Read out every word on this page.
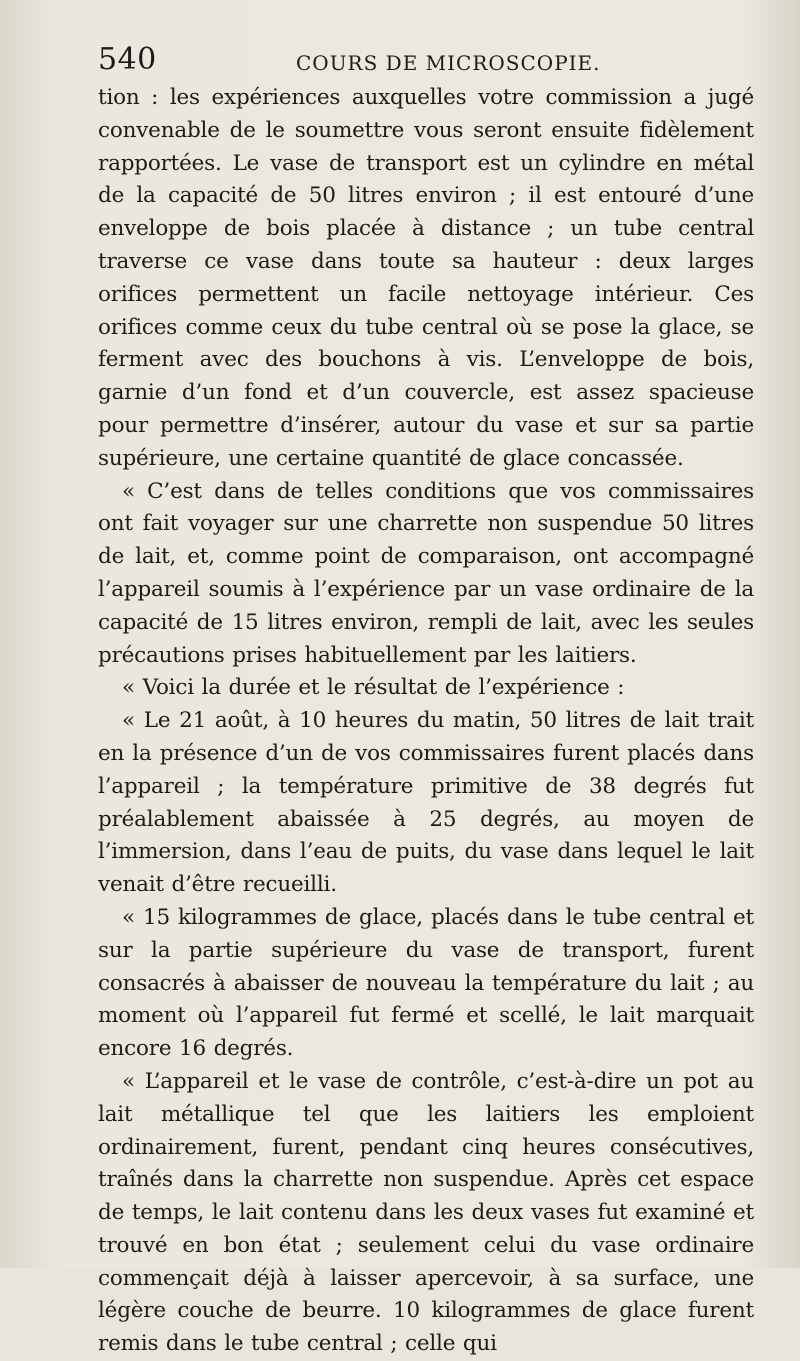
540	COURS DE MICROSCOPIE.

tion : les expériences auxquelles votre commission a jugé convenable de le soumettre vous seront ensuite fidèlement rapportées. Le vase de transport est un cylindre en métal de la capacité de 50 litres environ ; il est entouré d’une enveloppe de bois placée à distance ; un tube central traverse ce vase dans toute sa hauteur : deux larges orifices permettent un facile nettoyage intérieur. Ces orifices comme ceux du tube central où se pose la glace, se ferment avec des bouchons à vis. L’enveloppe de bois, garnie d’un fond et d’un couvercle, est assez spacieuse pour permettre d’insérer, autour du vase et sur sa partie supérieure, une certaine quantité de glace concassée.

« C’est dans de telles conditions que vos commissaires ont fait voyager sur une charrette non suspendue 50 litres de lait, et, comme point de comparaison, ont accompagné l’appareil soumis à l’expérience par un vase ordinaire de la capacité de 15 litres environ, rempli de lait, avec les seules précautions prises habituellement par les laitiers.

« Voici la durée et le résultat de l’expérience :

« Le 21 août, à 10 heures du matin, 50 litres de lait trait en la présence d’un de vos commissaires furent placés dans l’appareil ; la température primitive de 38 degrés fut préalablement abaissée à 25 degrés, au moyen de l’immersion, dans l’eau de puits, du vase dans lequel le lait venait d’être recueilli.

« 15 kilogrammes de glace, placés dans le tube central et sur la partie supérieure du vase de transport, furent consacrés à abaisser de nouveau la température du lait ; au moment où l’appareil fut fermé et scellé, le lait marquait encore 16 degrés.

« L’appareil et le vase de contrôle, c’est-à-dire un pot au lait métallique tel que les laitiers les emploient ordinairement, furent, pendant cinq heures consécutives, traînés dans la charrette non suspendue. Après cet espace de temps, le lait contenu dans les deux vases fut examiné et trouvé en bon état ; seulement celui du vase ordinaire commençait déjà à laisser apercevoir, à sa surface, une légère couche de beurre. 10 kilogrammes de glace furent remis dans le tube central ; celle qui
